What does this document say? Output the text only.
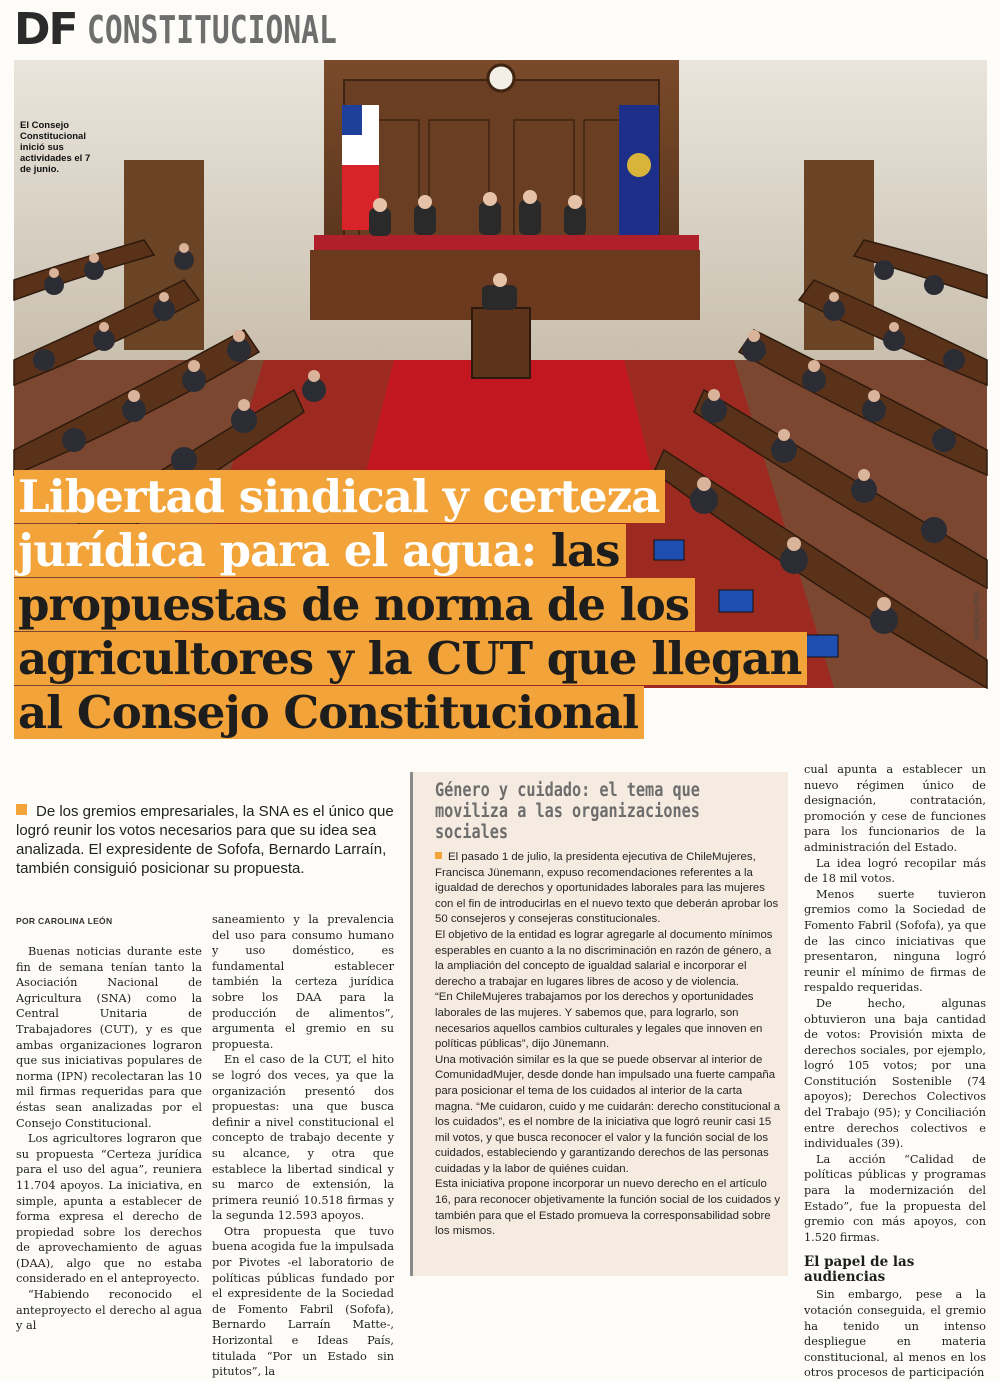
DF CONSTITUCIONAL
El Consejo Constitucional inició sus actividades el 7 de junio.
AGENCIA UNO
Libertad sindical y certeza
jurídica para el agua: las
propuestas de norma de los
agricultores y la CUT que llegan
al Consejo Constitucional
De los gremios empresariales, la SNA es el único que logró reunir los votos necesarios para que su idea sea analizada. El expresidente de Sofofa, Bernardo Larraín, también consiguió posicionar su propuesta.
POR CAROLINA LEÓN

Buenas noticias durante este fin de semana tenían tanto la Asociación Nacional de Agricultura (SNA) como la Central Unitaria de Trabajadores (CUT), y es que ambas organizaciones lograron que sus iniciativas populares de norma (IPN) recolectaran las 10 mil firmas requeridas para que éstas sean analizadas por el Consejo Constitucional.

Los agricultores lograron que su propuesta “Certeza jurídica para el uso del agua”, reuniera 11.704 apoyos. La iniciativa, en simple, apunta a establecer de forma expresa el derecho de propiedad sobre los derechos de aprovechamiento de aguas (DAA), algo que no estaba considerado en el anteproyecto.

“Habiendo reconocido el anteproyecto el derecho al agua y al

saneamiento y la prevalencia del uso para consumo humano y uso doméstico, es fundamental establecer también la certeza jurídica sobre los DAA para la producción de alimentos”, argumenta el gremio en su propuesta.

En el caso de la CUT, el hito se logró dos veces, ya que la organización presentó dos propuestas: una que busca definir a nivel constitucional el concepto de trabajo decente y su alcance, y otra que establece la libertad sindical y su marco de extensión, la primera reunió 10.518 firmas y la segunda 12.593 apoyos.

Otra propuesta que tuvo buena acogida fue la impulsada por Pivotes -el laboratorio de políticas públicas fundado por el expresidente de la Sociedad de Fomento Fabril (Sofofa), Bernardo Larraín Matte-, Horizontal e Ideas País, titulada “Por un Estado sin pitutos”, la

Género y cuidado: el tema que moviliza a las organizaciones sociales

El pasado 1 de julio, la presidenta ejecutiva de ChileMujeres, Francisca Jünemann, expuso recomendaciones referentes a la igualdad de derechos y oportunidades laborales para las mujeres con el fin de introducirlas en el nuevo texto que deberán aprobar los 50 consejeros y consejeras constitucionales.

El objetivo de la entidad es lograr agregarle al documento mínimos esperables en cuanto a la no discriminación en razón de género, a la ampliación del concepto de igualdad salarial e incorporar el derecho a trabajar en lugares libres de acoso y de violencia.

“En ChileMujeres trabajamos por los derechos y oportunidades laborales de las mujeres. Y sabemos que, para lograrlo, son necesarios aquellos cambios culturales y legales que innoven en políticas públicas”, dijo Jünemann.

Una motivación similar es la que se puede observar al interior de ComunidadMujer, desde donde han impulsado una fuerte campaña para posicionar el tema de los cuidados al interior de la carta magna. “Me cuidaron, cuido y me cuidarán: derecho constitucional a los cuidados”, es el nombre de la iniciativa que logró reunir casi 15 mil votos, y que busca reconocer el valor y la función social de los cuidados, estableciendo y garantizando derechos de las personas cuidadas y la labor de quiénes cuidan.

Esta iniciativa propone incorporar un nuevo derecho en el artículo 16, para reconocer objetivamente la función social de los cuidados y también para que el Estado promueva la corresponsabilidad sobre los mismos.

cual apunta a establecer un nuevo régimen único de designación, contratación, promoción y cese de funciones para los funcionarios de la administración del Estado.

La idea logró recopilar más de 18 mil votos.

Menos suerte tuvieron gremios como la Sociedad de Fomento Fabril (Sofofa), ya que de las cinco iniciativas que presentaron, ninguna logró reunir el mínimo de firmas de respaldo requeridas.

De hecho, algunas obtuvieron una baja cantidad de votos: Provisión mixta de derechos sociales, por ejemplo, logró 105 votos; por una Constitución Sostenible (74 apoyos); Derechos Colectivos del Trabajo (95); y Conciliación entre derechos colectivos e individuales (39).

La acción “Calidad de políticas públicas y programas para la modernización del Estado”, fue la propuesta del gremio con más apoyos, con 1.520 firmas.

El papel de las audiencias

Sin embargo, pese a la votación conseguida, el gremio ha tenido un intenso despliegue en materia constitucional, al menos en los otros procesos de participación
